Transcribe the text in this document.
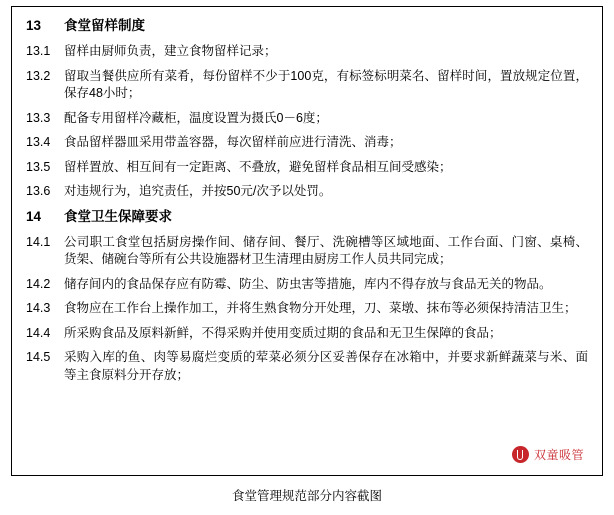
13	食堂留样制度
13.1	留样由厨师负责，建立食物留样记录；
13.2	留取当餐供应所有菜肴，每份留样不少于100克，有标签标明菜名、留样时间，置放规定位置，保存48小时；
13.3	配备专用留样冷藏柜，温度设置为摄氏0－6度；
13.4	食品留样器皿采用带盖容器，每次留样前应进行清洗、消毒；
13.5	留样置放、相互间有一定距离、不叠放，避免留样食品相互间受感染；
13.6	对违规行为，追究责任，并按50元/次予以处罚。
14	食堂卫生保障要求
14.1	公司职工食堂包括厨房操作间、储存间、餐厅、洗碗槽等区域地面、工作台面、门窗、桌椅、货架、储碗台等所有公共设施器材卫生清理由厨房工作人员共同完成；
14.2	储存间内的食品保存应有防霉、防尘、防虫害等措施，库内不得存放与食品无关的物品。
14.3	食物应在工作台上操作加工，并将生熟食物分开处理，刀、菜墩、抹布等必须保持清洁卫生；
14.4	所采购食品及原料新鲜，不得采购并使用变质过期的食品和无卫生保障的食品；
14.5	采购入库的鱼、肉等易腐烂变质的荤菜必须分区妥善保存在冰箱中，并要求新鲜蔬菜与米、面等主食原料分开存放；
双童吸管
食堂管理规范部分内容截图
